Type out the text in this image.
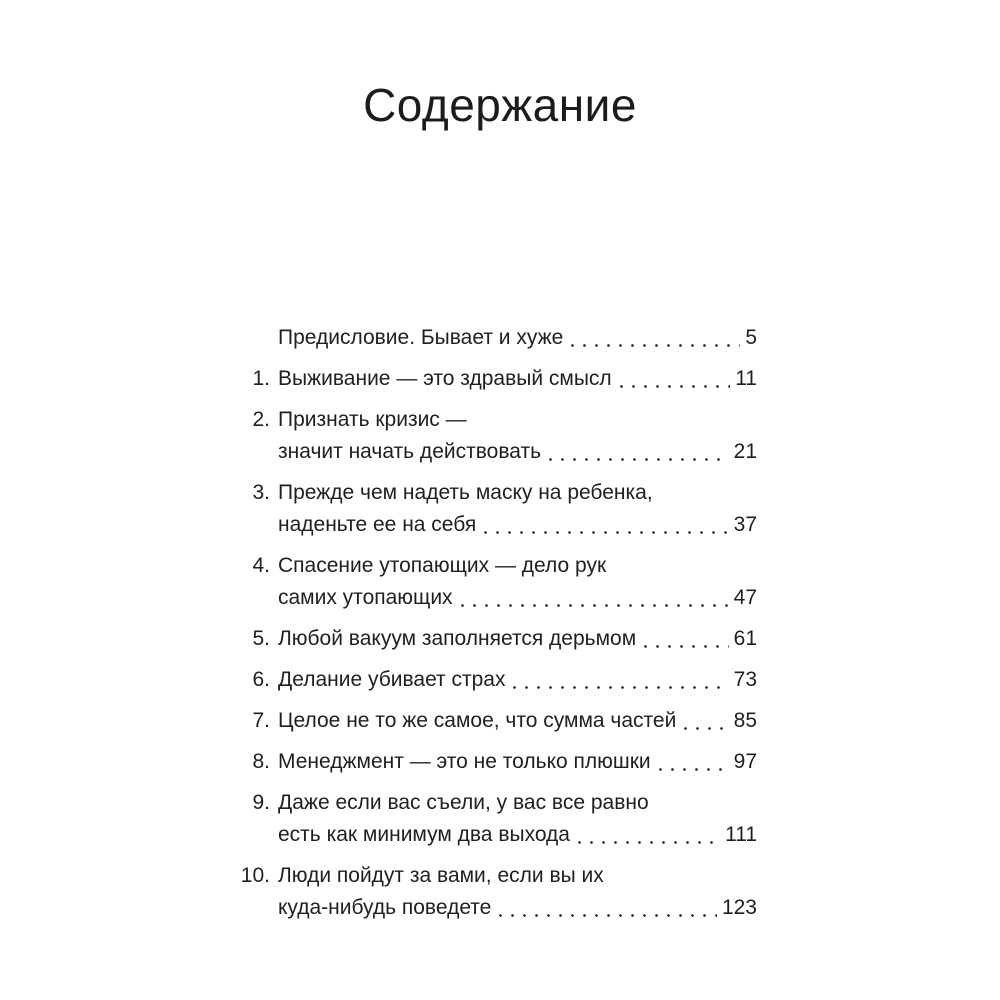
Содержание
Предисловие. Бывает и хуже	5
1. Выживание — это здравый смысл	11
2. Признать кризис —
значит начать действовать	21
3. Прежде чем надеть маску на ребенка,
наденьте ее на себя	37
4. Спасение утопающих — дело рук
самих утопающих	47
5. Любой вакуум заполняется дерьмом	61
6. Делание убивает страх	73
7. Целое не то же самое, что сумма частей	85
8. Менеджмент — это не только плюшки	97
9. Даже если вас съели, у вас все равно
есть как минимум два выхода	111
10. Люди пойдут за вами, если вы их
куда-нибудь поведете	123
